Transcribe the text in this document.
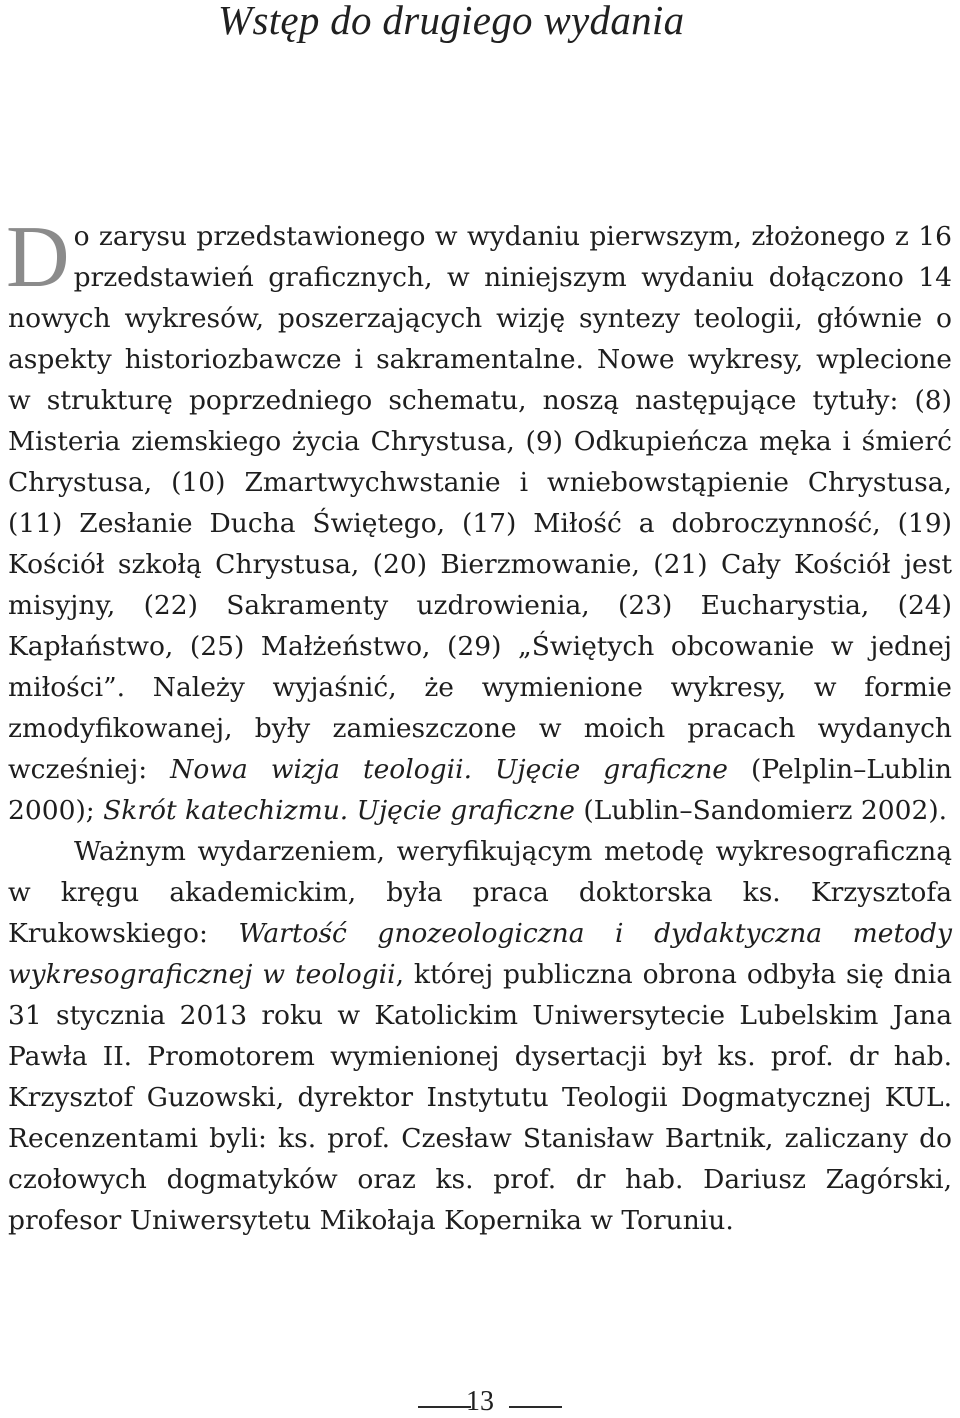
Wstęp do drugiego wydania

Do zarysu przedstawionego w wydaniu pierwszym, złożonego z 16 przedstawień graficznych, w niniejszym wydaniu dołączono 14 nowych wykresów, poszerzających wizję syntezy teologii, głównie o aspekty historiozbawcze i sakramentalne. Nowe wykresy, wplecione w strukturę poprzedniego schematu, noszą następujące tytuły: (8) Misteria ziemskiego życia Chrystusa, (9) Odkupieńcza męka i śmierć Chrystusa, (10) Zmartwychwstanie i wniebowstąpienie Chrystusa, (11) Zesłanie Ducha Świętego, (17) Miłość a dobroczynność, (19) Kościół szkołą Chrystusa, (20) Bierzmowanie, (21) Cały Kościół jest misyjny, (22) Sakramenty uzdrowienia, (23) Eucharystia, (24) Kapłaństwo, (25) Małżeństwo, (29) „Świętych obcowanie w jednej miłości”. Należy wyjaśnić, że wymienione wykresy, w formie zmodyfikowanej, były zamieszczone w moich pracach wydanych wcześniej: Nowa wizja teologii. Ujęcie graficzne (Pelplin–Lublin 2000); Skrót katechizmu. Ujęcie graficzne (Lublin–Sandomierz 2002).

Ważnym wydarzeniem, weryfikującym metodę wykresograficzną w kręgu akademickim, była praca doktorska ks. Krzysztofa Krukowskiego: Wartość gnozeologiczna i dydaktyczna metody wykresograficznej w teologii, której publiczna obrona odbyła się dnia 31 stycznia 2013 roku w Katolickim Uniwersytecie Lubelskim Jana Pawła II. Promotorem wymienionej dysertacji był ks. prof. dr hab. Krzysztof Guzowski, dyrektor Instytutu Teologii Dogmatycznej KUL. Recenzentami byli: ks. prof. Czesław Stanisław Bartnik, zaliczany do czołowych dogmatyków oraz ks. prof. dr hab. Dariusz Zagórski, profesor Uniwersytetu Mikołaja Kopernika w Toruniu.

13
